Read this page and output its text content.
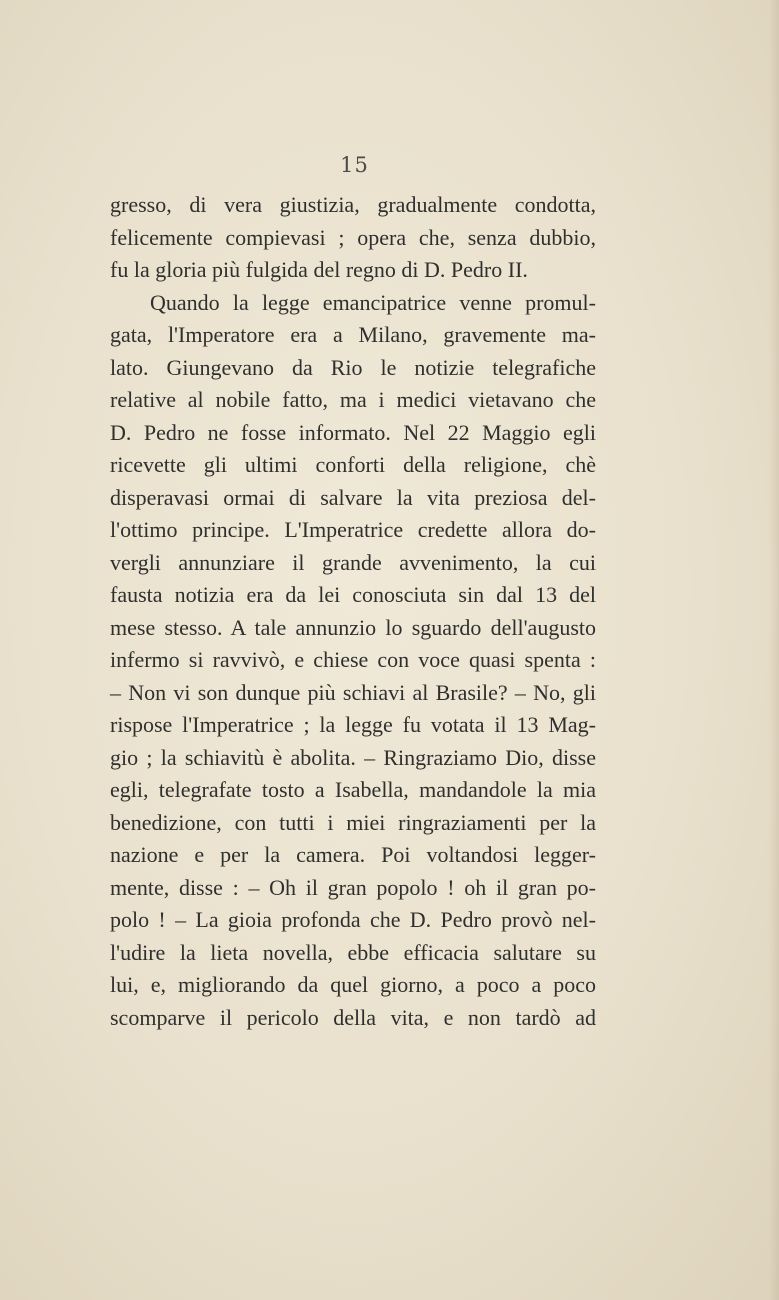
15
gresso, di vera giustizia, gradualmente condotta,
felicemente compievasi ; opera che, senza dubbio,
fu la gloria più fulgida del regno di D. Pedro II.
Quando la legge emancipatrice venne promul-
gata, l'Imperatore era a Milano, gravemente ma-
lato. Giungevano da Rio le notizie telegrafiche
relative al nobile fatto, ma i medici vietavano che
D. Pedro ne fosse informato. Nel 22 Maggio egli
ricevette gli ultimi conforti della religione, chè
disperavasi ormai di salvare la vita preziosa del-
l'ottimo principe. L'Imperatrice credette allora do-
vergli annunziare il grande avvenimento, la cui
fausta notizia era da lei conosciuta sin dal 13 del
mese stesso. A tale annunzio lo sguardo dell'augusto
infermo si ravvivò, e chiese con voce quasi spenta :
– Non vi son dunque più schiavi al Brasile? – No, gli
rispose l'Imperatrice ; la legge fu votata il 13 Mag-
gio ; la schiavitù è abolita. – Ringraziamo Dio, disse
egli, telegrafate tosto a Isabella, mandandole la mia
benedizione, con tutti i miei ringraziamenti per la
nazione e per la camera. Poi voltandosi legger-
mente, disse : – Oh il gran popolo ! oh il gran po-
polo ! – La gioia profonda che D. Pedro provò nel-
l'udire la lieta novella, ebbe efficacia salutare su
lui, e, migliorando da quel giorno, a poco a poco
scomparve il pericolo della vita, e non tardò ad
